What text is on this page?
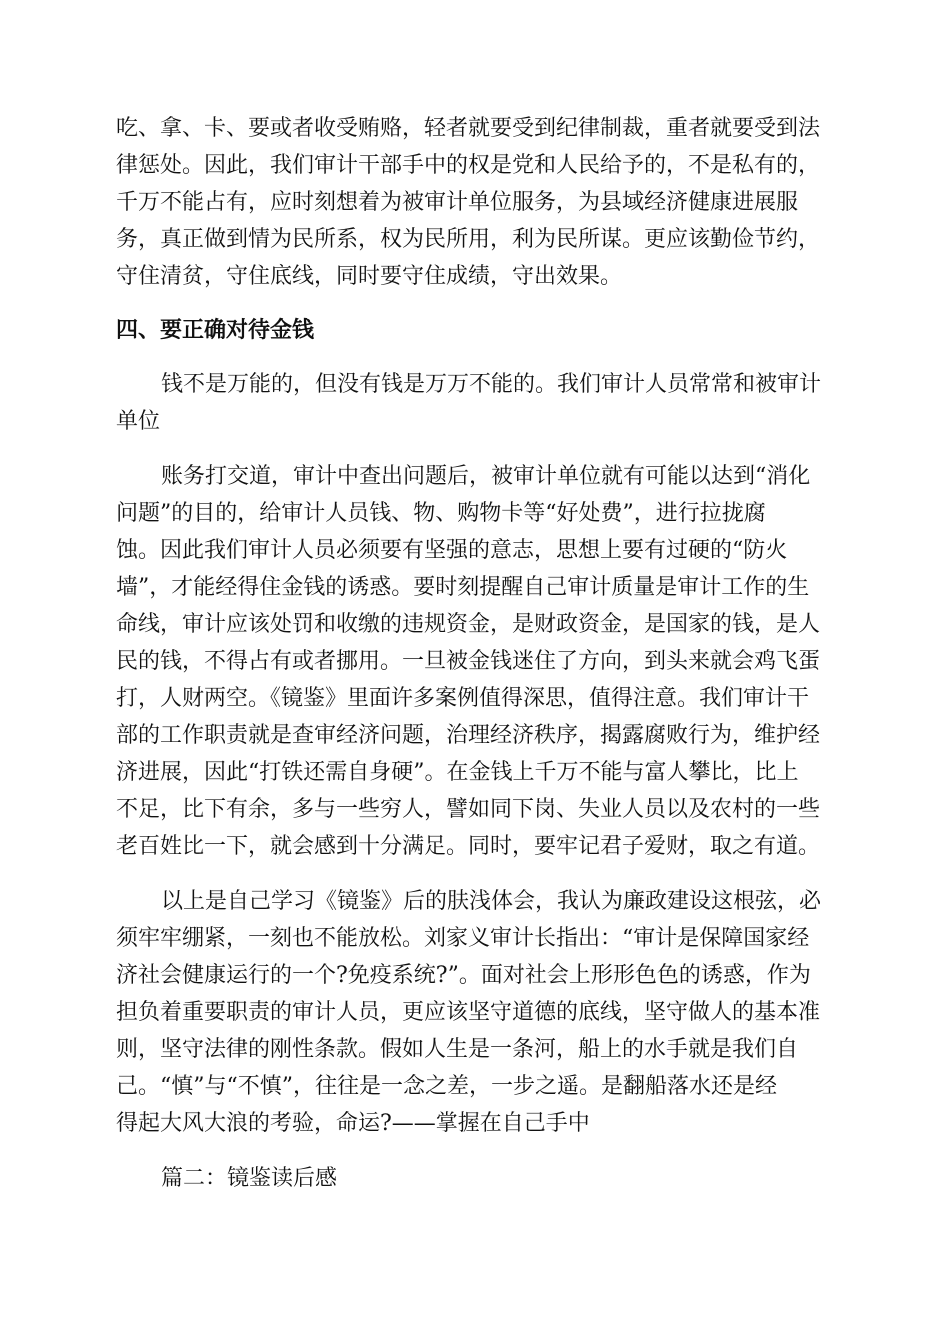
吃、拿、卡、要或者收受贿赂，轻者就要受到纪律制裁，重者就要受到法
律惩处。因此，我们审计干部手中的权是党和人民给予的，不是私有的，
千万不能占有，应时刻想着为被审计单位服务，为县域经济健康进展服
务，真正做到情为民所系，权为民所用，利为民所谋。更应该勤俭节约，
守住清贫，守住底线，同时要守住成绩，守出效果。
四、要正确对待金钱
钱不是万能的，但没有钱是万万不能的。我们审计人员常常和被审计
单位
账务打交道，审计中查出问题后，被审计单位就有可能以达到“消化
问题”的目的，给审计人员钱、物、购物卡等“好处费”，进行拉拢腐
蚀。因此我们审计人员必须要有坚强的意志，思想上要有过硬的“防火
墙”，才能经得住金钱的诱惑。要时刻提醒自己审计质量是审计工作的生
命线，审计应该处罚和收缴的违规资金，是财政资金，是国家的钱，是人
民的钱，不得占有或者挪用。一旦被金钱迷住了方向，到头来就会鸡飞蛋
打，人财两空。《镜鉴》里面许多案例值得深思，值得注意。我们审计干
部的工作职责就是查审经济问题，治理经济秩序，揭露腐败行为，维护经
济进展，因此“打铁还需自身硬”。在金钱上千万不能与富人攀比，比上
不足，比下有余，多与一些穷人，譬如同下岗、失业人员以及农村的一些
老百姓比一下，就会感到十分满足。同时，要牢记君子爱财，取之有道。
以上是自己学习《镜鉴》后的肤浅体会，我认为廉政建设这根弦，必
须牢牢绷紧，一刻也不能放松。刘家义审计长指出：“审计是保障国家经
济社会健康运行的一个?免疫系统?”。面对社会上形形色色的诱惑，作为
担负着重要职责的审计人员，更应该坚守道德的底线，坚守做人的基本准
则，坚守法律的刚性条款。假如人生是一条河，船上的水手就是我们自
己。“慎”与“不慎”，往往是一念之差，一步之遥。是翻船落水还是经
得起大风大浪的考验，命运?——掌握在自己手中
篇二：镜鉴读后感
